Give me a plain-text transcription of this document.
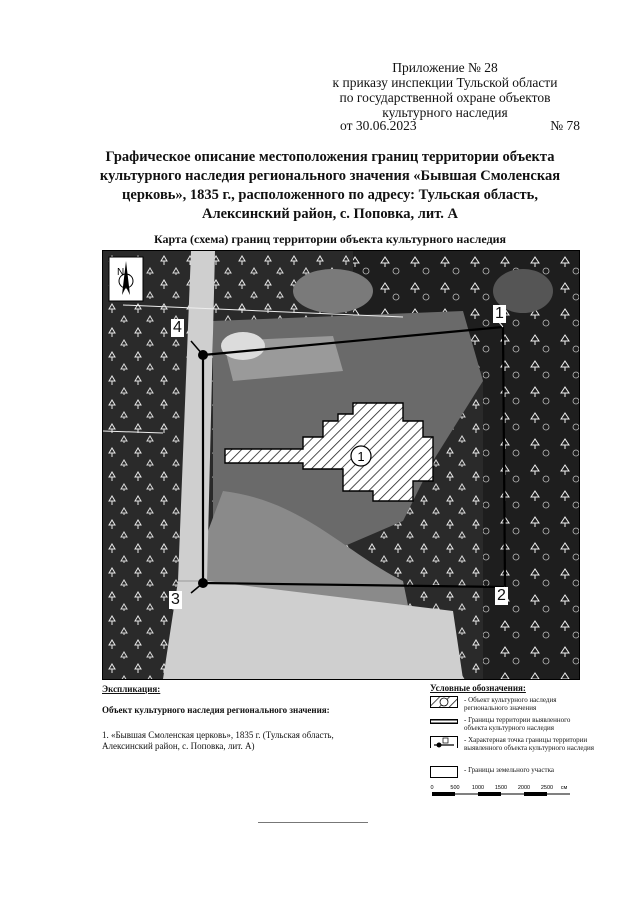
Приложение № 28
к приказу инспекции Тульской области
по государственной охране объектов
культурного наследия
от 30.06.2023	№ 78
Графическое описание местоположения границ территории объекта
культурного наследия регионального значения «Бывшая Смоленская
церковь», 1835 г., расположенного по адресу: Тульская область,
Алексинский район, с. Поповка, лит. А
Карта (схема) границ территории объекта культурного наследия
1
N
1
2
3
4
Экспликация:
Объект культурного наследия регионального значения:
1. «Бывшая Смоленская церковь», 1835 г. (Тульская область,
Алексинский район, с. Поповка, лит. А)
Условные обозначения:
- Объект культурного наследия регионального значения
- Границы территории выявленного объекта культурного наследия
- Характерная точка границы территории выявленного объекта культурного наследия
- Границы земельного участка
0	500 1000 1500 2000 2500 см
